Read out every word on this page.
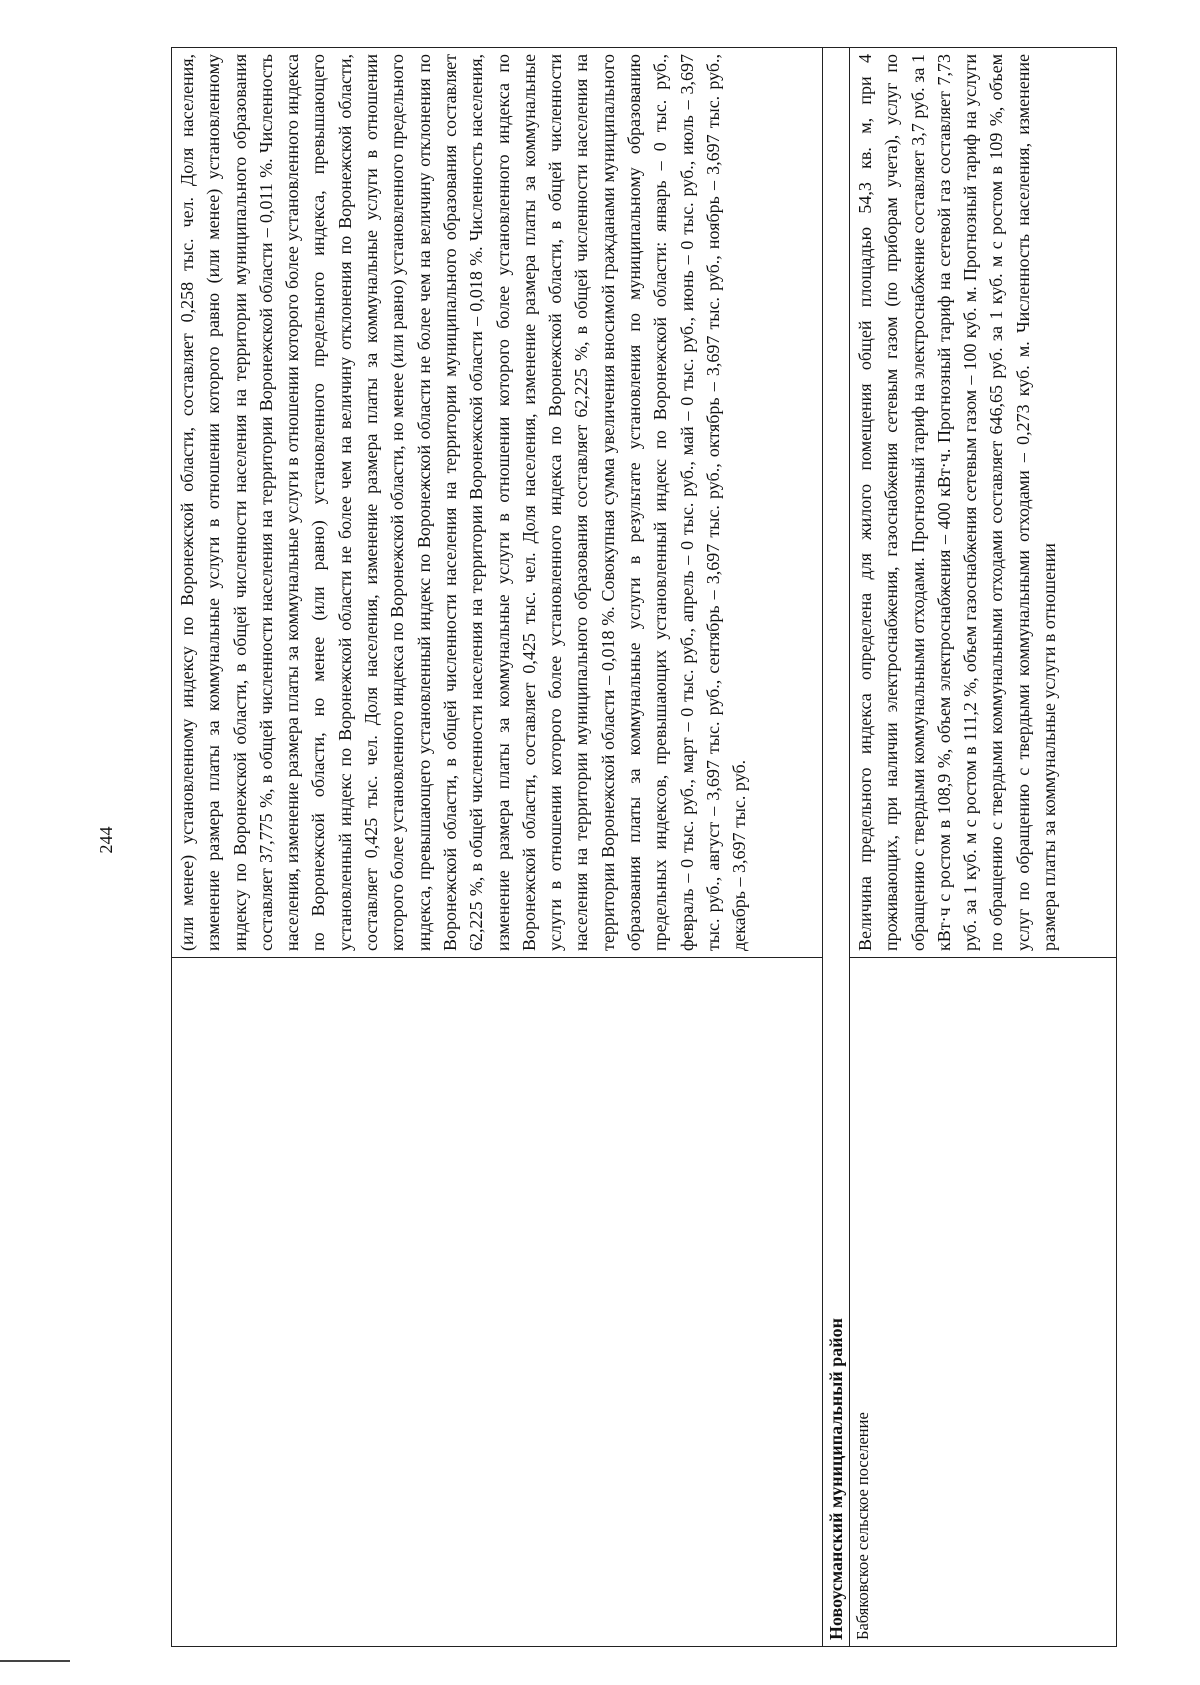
244
		(или менее) установленному индексу по Воронежской области, составляет 0,258 тыс. чел. Доля населения, изменение размера платы за коммунальные услуги в отношении которого равно (или менее) установленному индексу по Воронежской области, в общей численности населения на территории муниципального образования составляет 37,775 %, в общей численности населения на территории Воронежской области – 0,011 %. Численность населения, изменение размера платы за коммунальные услуги в отношении которого более установленного индекса по Воронежской области, но менее (или равно) установленного предельного индекса, превышающего установленный индекс по Воронежской области не более чем на величину отклонения по Воронежской области, составляет 0,425 тыс. чел. Доля населения, изменение размера платы за коммунальные услуги в отношении которого более установленного индекса по Воронежской области, но менее (или равно) установленного предельного индекса, превышающего установленный индекс по Воронежской области не более чем на величину отклонения по Воронежской области, в общей численности населения на территории муниципального образования составляет 62,225 %, в общей численности населения на территории Воронежской области – 0,018 %. Численность населения, изменение размера платы за коммунальные услуги в отношении которого более установленного индекса по Воронежской области, составляет 0,425 тыс. чел. Доля населения, изменение размера платы за коммунальные услуги в отношении которого более установленного индекса по Воронежской области, в общей численности населения на территории муниципального образования составляет 62,225 %, в общей численности населения на территории Воронежской области – 0,018 %. Совокупная сумма увеличения вносимой гражданами муниципального образования платы за коммунальные услуги в результате установления по муниципальному образованию предельных индексов, превышающих установленный индекс по Воронежской области: январь – 0 тыс. руб., февраль – 0 тыс. руб., март – 0 тыс. руб., апрель – 0 тыс. руб., май – 0 тыс. руб., июнь – 0 тыс. руб., июль – 3,697 тыс. руб., август – 3,697 тыс. руб., сентябрь – 3,697 тыс. руб., октябрь – 3,697 тыс. руб., ноябрь – 3,697 тыс. руб., декабрь – 3,697 тыс. руб.
Новоусманский муниципальный район	
Бабяковское сельское поселение	Величина предельного индекса определена для жилого помещения общей площадью 54,3 кв. м, при 4 проживающих, при наличии электроснабжения, газоснабжения сетевым газом (по приборам учета), услуг по обращению с твердыми коммунальными отходами. Прогнозный тариф на электроснабжение составляет 3,7 руб. за 1 кВт·ч с ростом в 108,9 %, объем электроснабжения – 400 кВт·ч. Прогнозный тариф на сетевой газ составляет 7,73 руб. за 1 куб. м с ростом в 111,2 %, объем газоснабжения сетевым газом – 100 куб. м. Прогнозный тариф на услуги по обращению с твердыми коммунальными отходами составляет 646,65 руб. за 1 куб. м с ростом в 109 %, объем услуг по обращению с твердыми коммунальными отходами – 0,273 куб. м. Численность населения, изменение размера платы за коммунальные услуги в отношении
